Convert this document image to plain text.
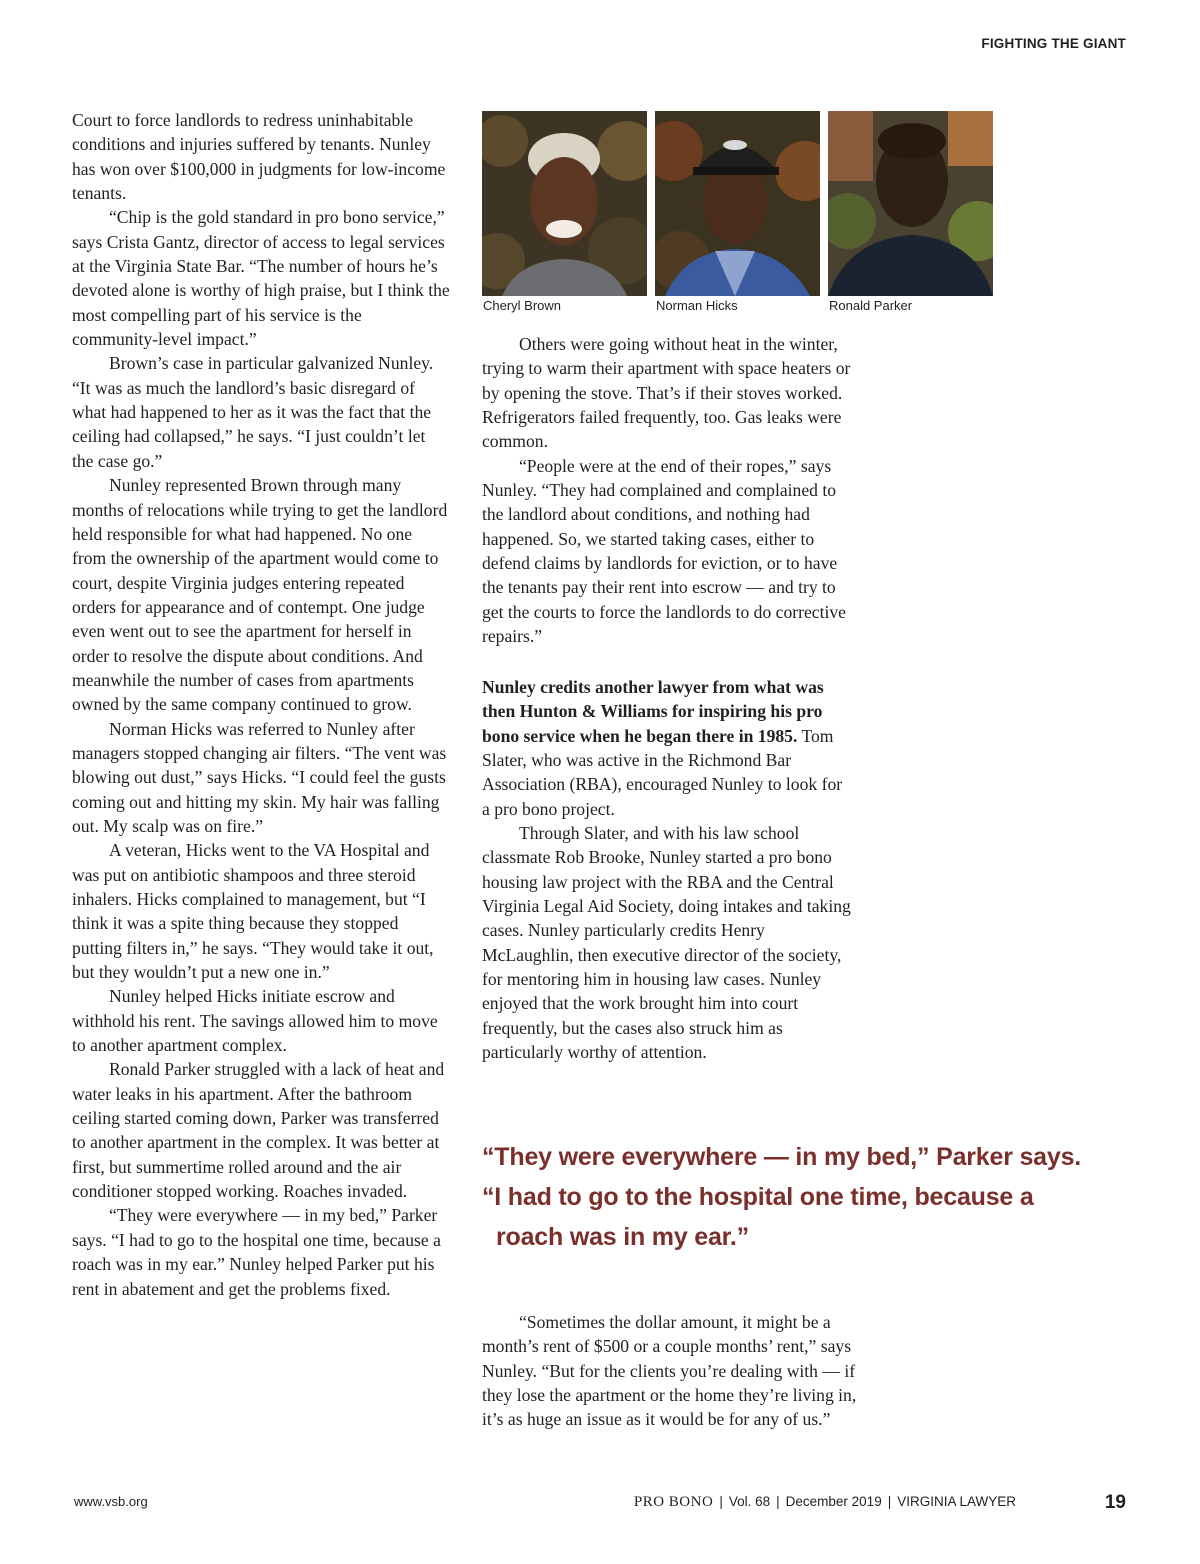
FIGHTING THE GIANT

Court to force landlords to redress uninhabitable conditions and injuries suffered by tenants. Nunley has won over $100,000 in judgments for low-income tenants.

“Chip is the gold standard in pro bono service,” says Crista Gantz, director of access to legal services at the Virginia State Bar. “The number of hours he’s devoted alone is worthy of high praise, but I think the most compelling part of his service is the community-level impact.”

Brown’s case in particular galvanized Nunley. “It was as much the landlord’s basic disregard of what had happened to her as it was the fact that the ceiling had collapsed,” he says. “I just couldn’t let the case go.”

Nunley represented Brown through many months of relocations while trying to get the landlord held responsible for what had happened. No one from the ownership of the apartment would come to court, despite Virginia judges entering repeated orders for appearance and of contempt. One judge even went out to see the apartment for herself in order to resolve the dispute about conditions. And meanwhile the number of cases from apartments owned by the same company continued to grow.

Norman Hicks was referred to Nunley after managers stopped changing air filters. “The vent was blowing out dust,” says Hicks. “I could feel the gusts coming out and hitting my skin. My hair was falling out. My scalp was on fire.”

A veteran, Hicks went to the VA Hospital and was put on antibiotic shampoos and three steroid inhalers. Hicks complained to management, but “I think it was a spite thing because they stopped putting filters in,” he says. “They would take it out, but they wouldn’t put a new one in.”

Nunley helped Hicks initiate escrow and withhold his rent. The savings allowed him to move to another apartment complex.

Ronald Parker struggled with a lack of heat and water leaks in his apartment. After the bathroom ceiling started coming down, Parker was transferred to another apartment in the complex. It was better at first, but summertime rolled around and the air conditioner stopped working. Roaches invaded.

“They were everywhere — in my bed,” Parker says. “I had to go to the hospital one time, because a roach was in my ear.” Nunley helped Parker put his rent in abatement and get the problems fixed.

Cheryl Brown	Norman Hicks	Ronald Parker

Others were going without heat in the winter, trying to warm their apartment with space heaters or by opening the stove. That’s if their stoves worked. Refrigerators failed frequently, too. Gas leaks were common.

“People were at the end of their ropes,” says Nunley. “They had complained and complained to the landlord about conditions, and nothing had happened. So, we started taking cases, either to defend claims by landlords for eviction, or to have the tenants pay their rent into escrow — and try to get the courts to force the landlords to do corrective repairs.”

Nunley credits another lawyer from what was then Hunton & Williams for inspiring his pro bono service when he began there in 1985. Tom Slater, who was active in the Richmond Bar Association (RBA), encouraged Nunley to look for a pro bono project.

Through Slater, and with his law school classmate Rob Brooke, Nunley started a pro bono housing law project with the RBA and the Central Virginia Legal Aid Society, doing intakes and taking cases. Nunley particularly credits Henry McLaughlin, then executive director of the society, for mentoring him in housing law cases. Nunley enjoyed that the work brought him into court frequently, but the cases also struck him as particularly worthy of attention.

“They were everywhere — in my bed,” Parker says.
“I had to go to the hospital one time, because a
roach was in my ear.”

“Sometimes the dollar amount, it might be a month’s rent of $500 or a couple months’ rent,” says Nunley. “But for the clients you’re dealing with — if they lose the apartment or the home they’re living in, it’s as huge an issue as it would be for any of us.”

www.vsb.org	PRO BONO | Vol. 68 | December 2019 | VIRGINIA LAWYER	19
